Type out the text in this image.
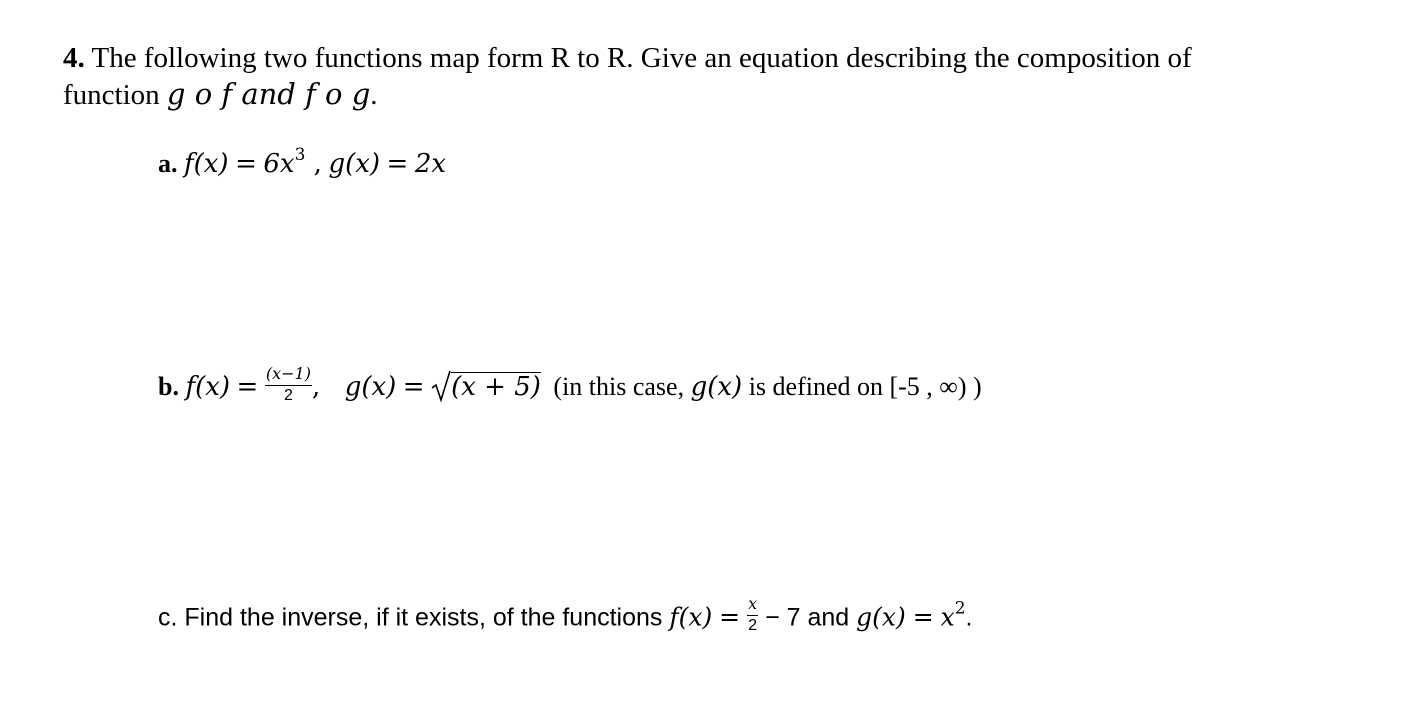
4. The following two functions map form R to R. Give an equation describing the composition of
function g o f and f o g.
a. $f(x) = 6x^3$ , g(x) = 2x
b. $f(x) = \frac{(x-1)}{2}$ , g(x) = (x + 5) (in this case, g(x) is defined on [-5 , ∞) )
c. Find the inverse, if it exists, of the functions $f(x) = \frac{x}{2} - 7$ and $g(x) = x^2$.
